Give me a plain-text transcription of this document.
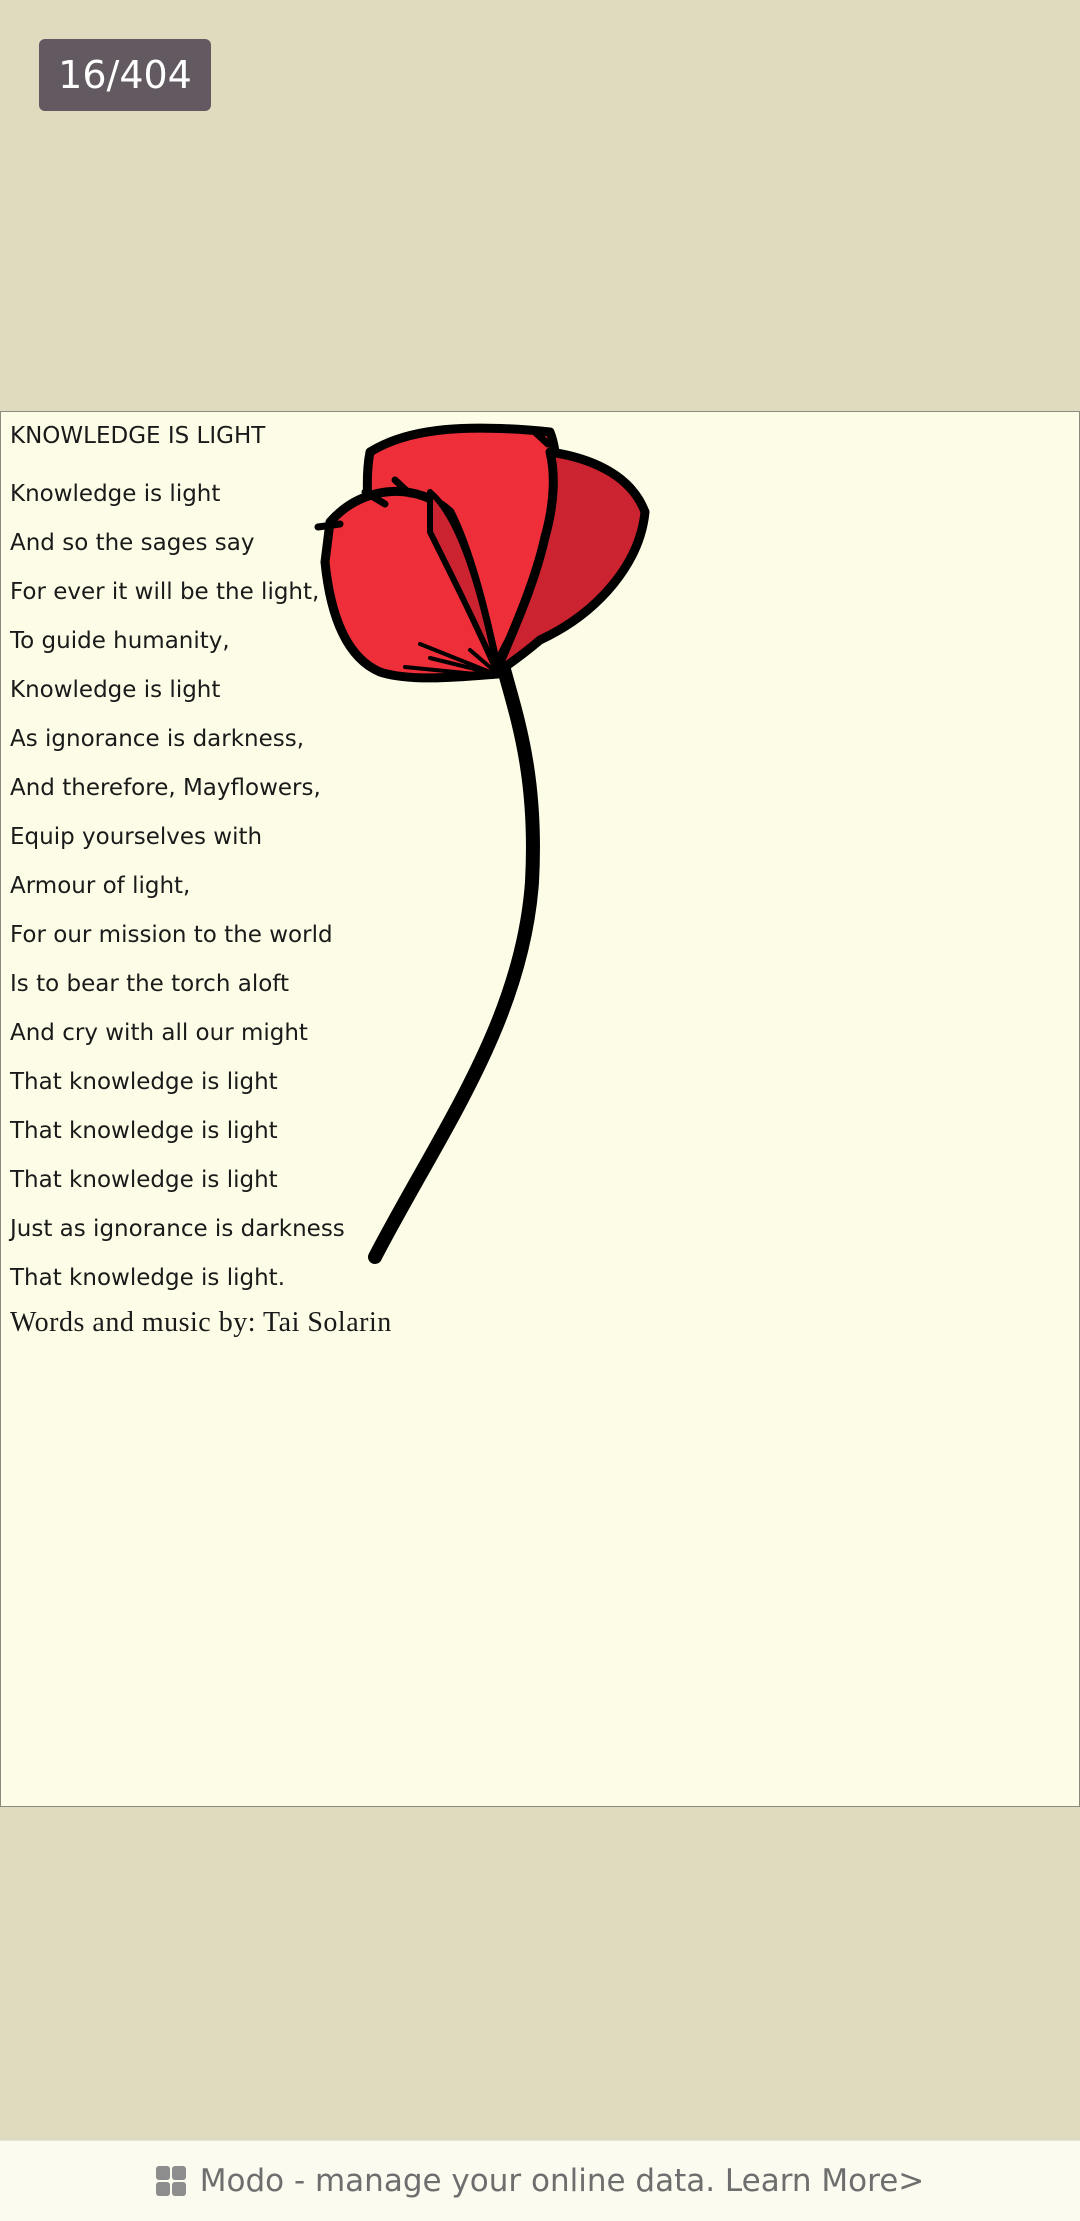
16/404
KNOWLEDGE IS LIGHT
Knowledge is light
And so the sages say
For ever it will be the light,
To guide humanity,
Knowledge is light
As ignorance is darkness,
And therefore, Mayflowers,
Equip yourselves with
Armour of light,
For our mission to the world
Is to bear the torch aloft
And cry with all our might
That knowledge is light
That knowledge is light
That knowledge is light
Just as ignorance is darkness
That knowledge is light.
Words and music by: Tai Solarin
Modo - manage your online data. Learn More>
